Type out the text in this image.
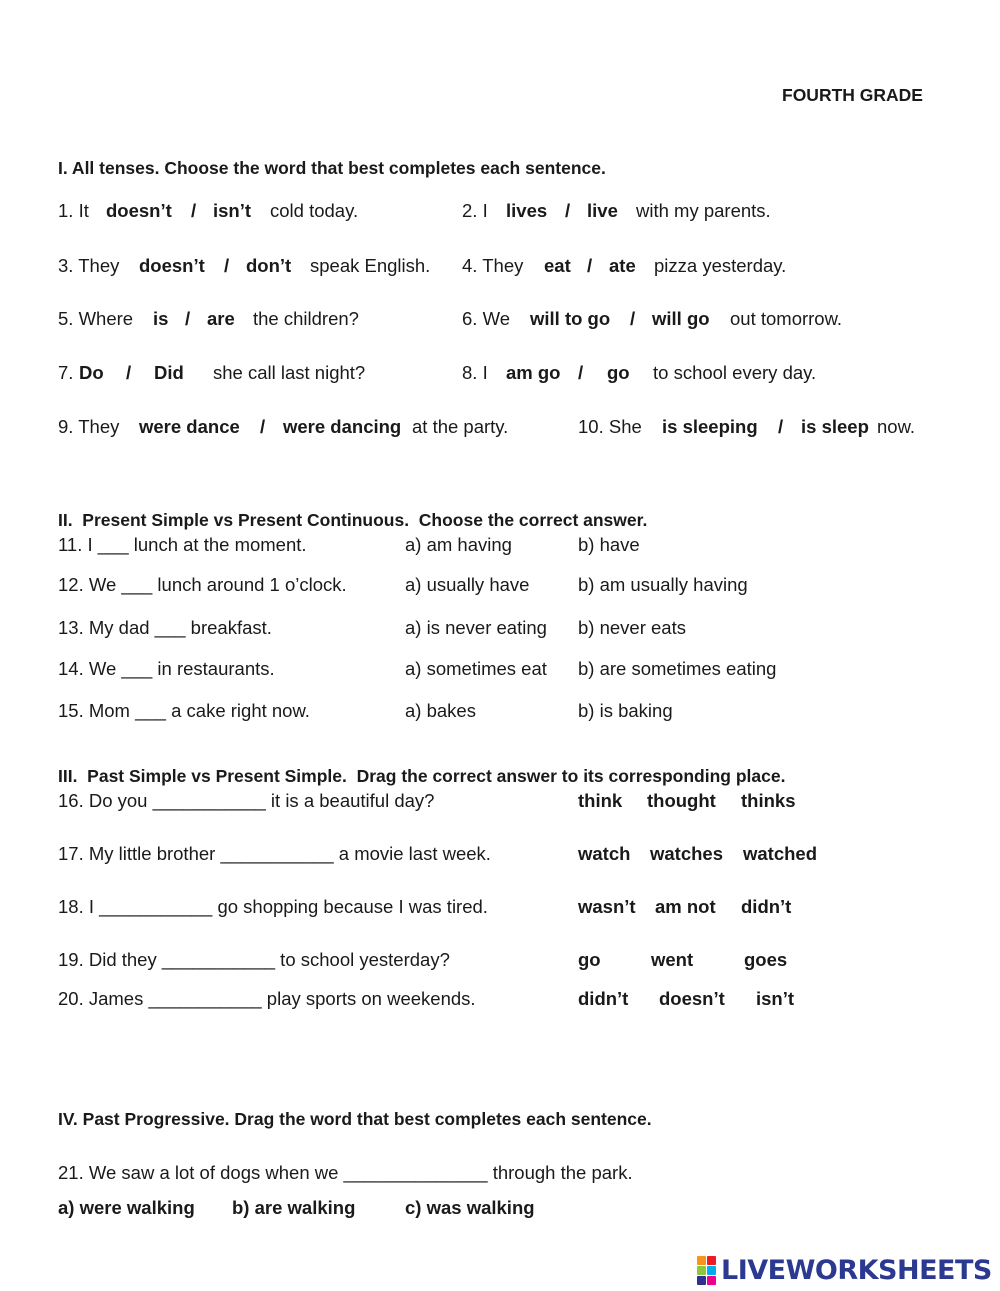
FOURTH GRADE
I. All tenses. Choose the word that best completes each sentence.
1. It doesn’t / isn’t cold today.	2. I lives / live with my parents.
3. They doesn’t / don’t speak English. 4. They eat / ate pizza yesterday.
5. Where is / are the children?	6. We will to go / will go out tomorrow.
7. Do / Did she call last night?	8. I am go / go to school every day.
9. They were dance / were dancing at the party.	10. She is sleeping / is sleep now.
II.  Present Simple vs Present Continuous.  Choose the correct answer.
11. I ___ lunch at the moment.	a) am having	b) have
12. We ___ lunch around 1 o’clock.	a) usually have	b) am usually having
13. My dad ___ breakfast.	a) is never eating b) never eats
14. We ___ in restaurants.	a) sometimes eat b) are sometimes eating
15. Mom ___ a cake right now.	a) bakes	b) is baking
III.  Past Simple vs Present Simple.  Drag the correct answer to its corresponding place.
16. Do you ___________ it is a beautiful day?	think thought thinks
17. My little brother ___________ a movie last week.	watch watches watched
18. I ___________ go shopping because I was tired.	wasn’t am not didn’t
19. Did they ___________ to school yesterday?	go	went	goes
20. James ___________ play sports on weekends.	didn’t doesn’t isn’t
IV. Past Progressive. Drag the word that best completes each sentence.
21. We saw a lot of dogs when we ______________ through the park.
a) were walking b) are walking	c) was walking
LIVEWORKSHEETS
